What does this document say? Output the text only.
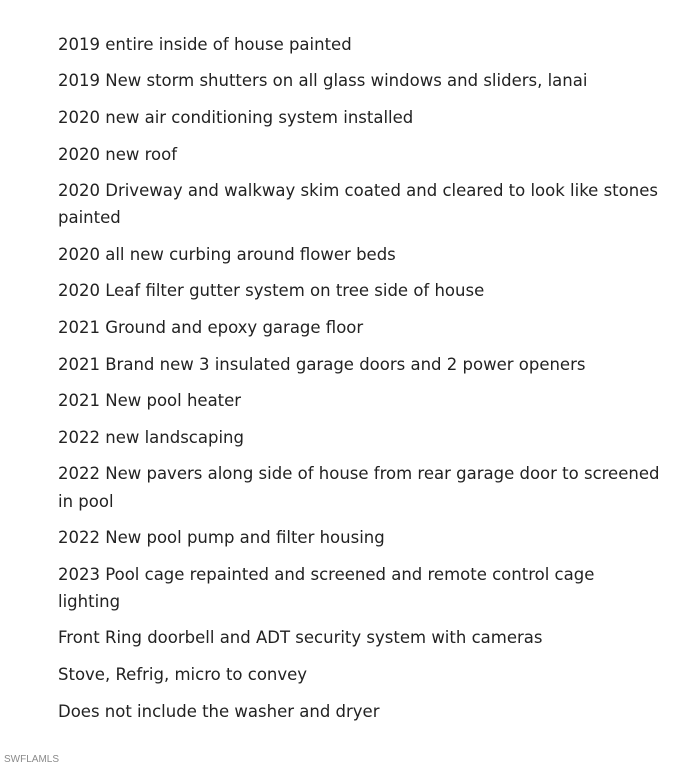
2019 entire inside of house painted
2019 New storm shutters on all glass windows and sliders, lanai
2020 new air conditioning system installed
2020 new roof
2020 Driveway and walkway skim coated and cleared to look like stones
painted
2020 all new curbing around flower beds
2020 Leaf filter gutter system on tree side of house
2021 Ground and epoxy garage floor
2021 Brand new 3 insulated garage doors and 2 power openers
2021 New pool heater
2022 new landscaping
2022 New pavers along side of house from rear garage door to screened
in pool
2022 New pool pump and filter housing
2023 Pool cage repainted and screened and remote control cage
lighting
Front Ring doorbell and ADT security system with cameras
Stove, Refrig, micro to convey
Does not include the washer and dryer
SWFLAMLS
